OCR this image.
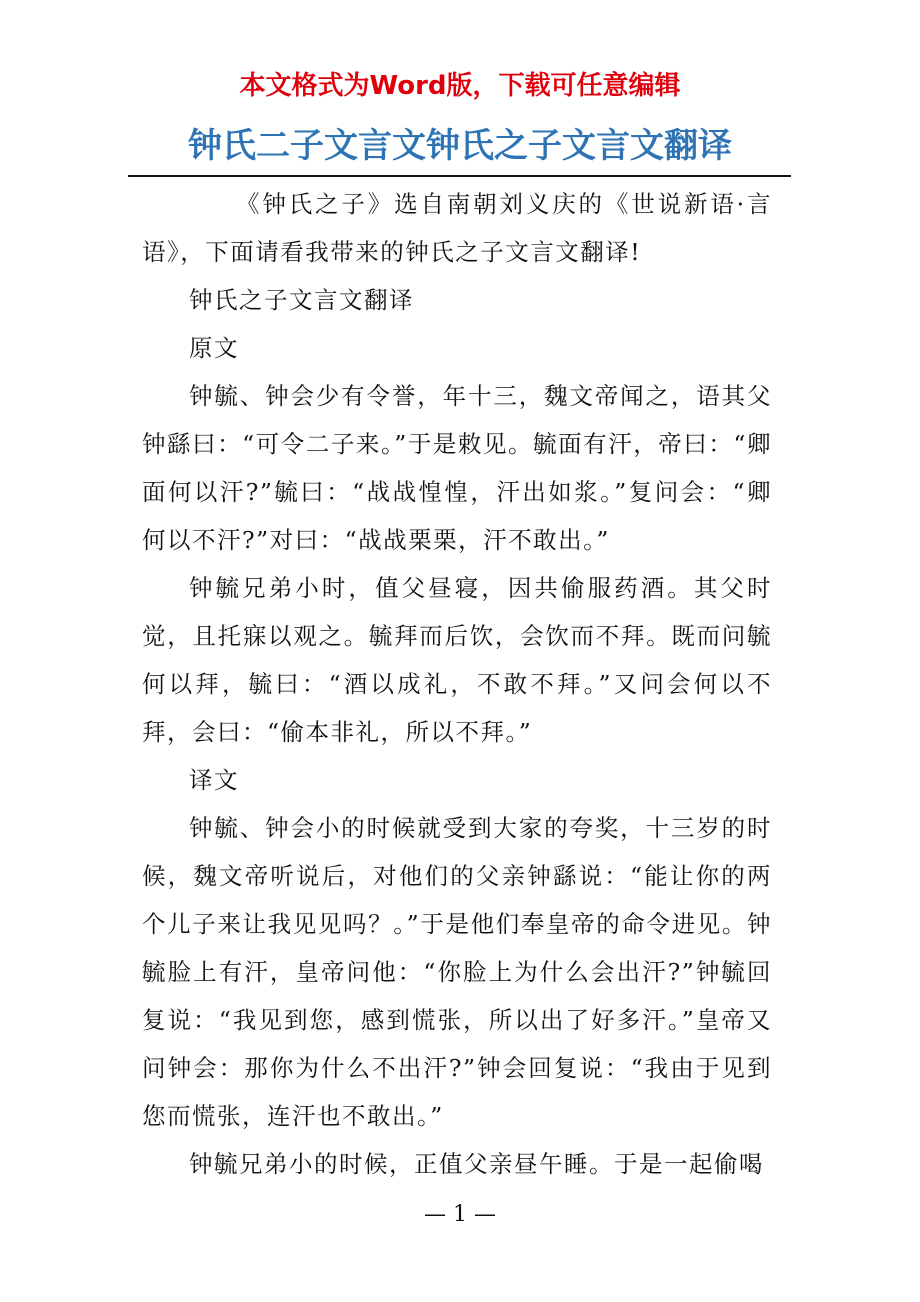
本文格式为Word版，下载可任意编辑
钟氏二子文言文钟氏之子文言文翻译

《钟氏之子》选自南朝刘义庆的《世说新语·言语》，下面请看我带来的钟氏之子文言文翻译!

钟氏之子文言文翻译

原文

钟毓、钟会少有令誉，年十三，魏文帝闻之，语其父钟繇曰：“可令二子来。”于是敕见。毓面有汗，帝曰：“卿面何以汗?”毓曰：“战战惶惶，汗出如浆。”复问会：“卿何以不汗?”对曰：“战战栗栗，汗不敢出。”

钟毓兄弟小时，值父昼寝，因共偷服药酒。其父时觉，且托寐以观之。毓拜而后饮，会饮而不拜。既而问毓何以拜，毓曰：“酒以成礼，不敢不拜。”又问会何以不拜，会曰：“偷本非礼，所以不拜。”

译文

钟毓、钟会小的时候就受到大家的夸奖，十三岁的时候，魏文帝听说后，对他们的父亲钟繇说：“能让你的两个儿子来让我见见吗？。”于是他们奉皇帝的命令进见。钟毓脸上有汗，皇帝问他：“你脸上为什么会出汗?”钟毓回复说：“我见到您，感到慌张，所以出了好多汗。”皇帝又问钟会：那你为什么不出汗?”钟会回复说：“我由于见到您而慌张，连汗也不敢出。”

钟毓兄弟小的时候，正值父亲昼午睡。于是一起偷喝

— 1 —
